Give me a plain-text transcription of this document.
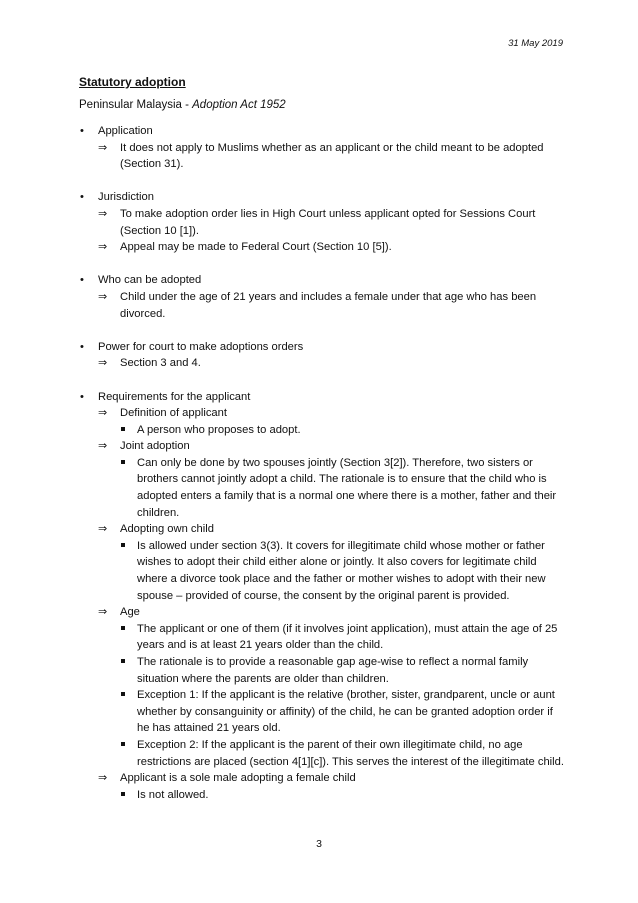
31 May 2019
Statutory adoption
Peninsular Malaysia - Adoption Act 1952
• Application
⇒ It does not apply to Muslims whether as an applicant or the child meant to be adopted (Section 31).
• Jurisdiction
⇒ To make adoption order lies in High Court unless applicant opted for Sessions Court (Section 10 [1]).
⇒ Appeal may be made to Federal Court (Section 10 [5]).
• Who can be adopted
⇒ Child under the age of 21 years and includes a female under that age who has been divorced.
• Power for court to make adoptions orders
⇒ Section 3 and 4.
• Requirements for the applicant
⇒ Definition of applicant
A person who proposes to adopt.
⇒ Joint adoption
Can only be done by two spouses jointly (Section 3[2]). Therefore, two sisters or brothers cannot jointly adopt a child. The rationale is to ensure that the child who is adopted enters a family that is a normal one where there is a mother, father and their children.
⇒ Adopting own child
Is allowed under section 3(3). It covers for illegitimate child whose mother or father wishes to adopt their child either alone or jointly. It also covers for legitimate child where a divorce took place and the father or mother wishes to adopt with their new spouse – provided of course, the consent by the original parent is provided.
⇒ Age
The applicant or one of them (if it involves joint application), must attain the age of 25 years and is at least 21 years older than the child.
The rationale is to provide a reasonable gap age-wise to reflect a normal family situation where the parents are older than children.
Exception 1: If the applicant is the relative (brother, sister, grandparent, uncle or aunt whether by consanguinity or affinity) of the child, he can be granted adoption order if he has attained 21 years old.
Exception 2: If the applicant is the parent of their own illegitimate child, no age restrictions are placed (section 4[1][c]). This serves the interest of the illegitimate child.
⇒ Applicant is a sole male adopting a female child
Is not allowed.
3
